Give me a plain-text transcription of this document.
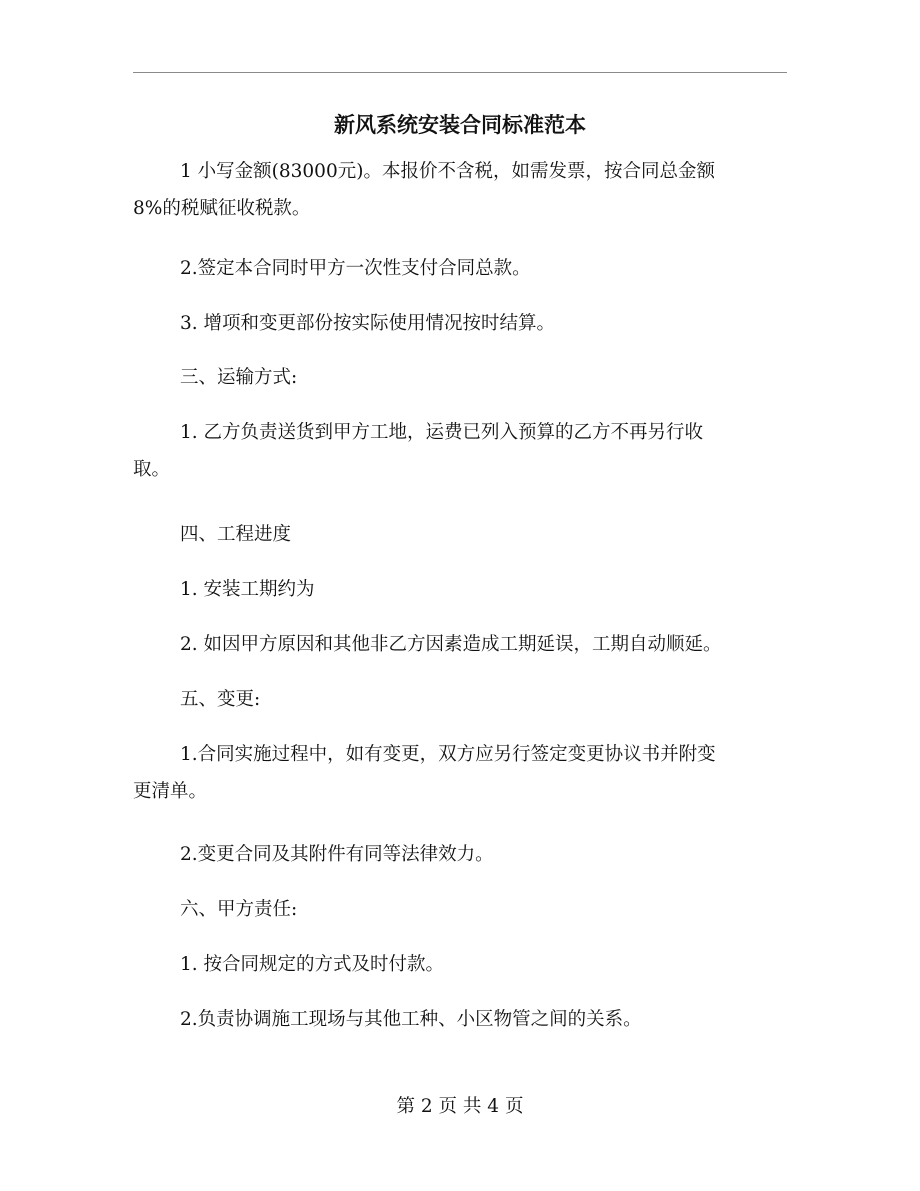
新风系统安装合同标准范本
1 小写金额(83000元)。本报价不含税，如需发票，按合同总金额
8%的税赋征收税款。
2.签定本合同时甲方一次性支付合同总款。
3. 增项和变更部份按实际使用情况按时结算。
三、运输方式:
1. 乙方负责送货到甲方工地，运费已列入预算的乙方不再另行收
取。
四、工程进度
1. 安装工期约为
2. 如因甲方原因和其他非乙方因素造成工期延误，工期自动顺延。
五、变更:
1.合同实施过程中，如有变更，双方应另行签定变更协议书并附变
更清单。
2.变更合同及其附件有同等法律效力。
六、甲方责任:
1. 按合同规定的方式及时付款。
2.负责协调施工现场与其他工种、小区物管之间的关系。
第 2 页 共 4 页
